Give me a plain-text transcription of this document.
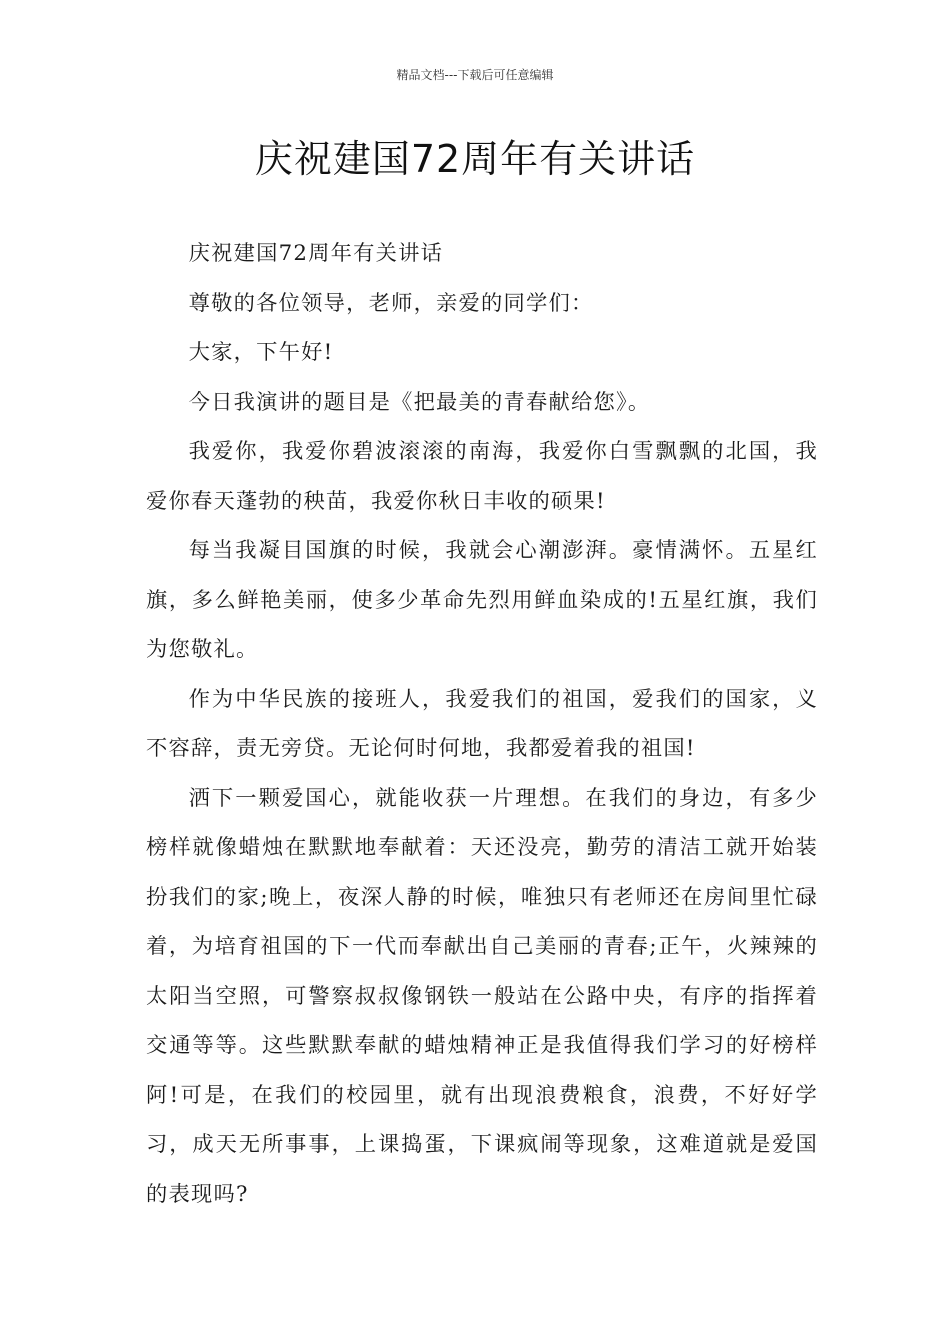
精品文档---下载后可任意编辑
庆祝建国72周年有关讲话

庆祝建国72周年有关讲话

尊敬的各位领导，老师，亲爱的同学们：

大家，下午好!

今日我演讲的题目是《把最美的青春献给您》。

我爱你，我爱你碧波滚滚的南海，我爱你白雪飘飘的北国，我爱你春天蓬勃的秧苗，我爱你秋日丰收的硕果!

每当我凝目国旗的时候，我就会心潮澎湃。豪情满怀。五星红旗，多么鲜艳美丽，使多少革命先烈用鲜血染成的!五星红旗，我们为您敬礼。

作为中华民族的接班人，我爱我们的祖国，爱我们的国家，义不容辞，责无旁贷。无论何时何地，我都爱着我的祖国!

洒下一颗爱国心，就能收获一片理想。在我们的身边，有多少榜样就像蜡烛在默默地奉献着：天还没亮，勤劳的清洁工就开始装扮我们的家;晚上，夜深人静的时候，唯独只有老师还在房间里忙碌着，为培育祖国的下一代而奉献出自己美丽的青春;正午，火辣辣的太阳当空照，可警察叔叔像钢铁一般站在公路中央，有序的指挥着交通等等。这些默默奉献的蜡烛精神正是我值得我们学习的好榜样阿!可是，在我们的校园里，就有出现浪费粮食，浪费，不好好学习，成天无所事事，上课捣蛋，下课疯闹等现象，这难道就是爱国的表现吗?
